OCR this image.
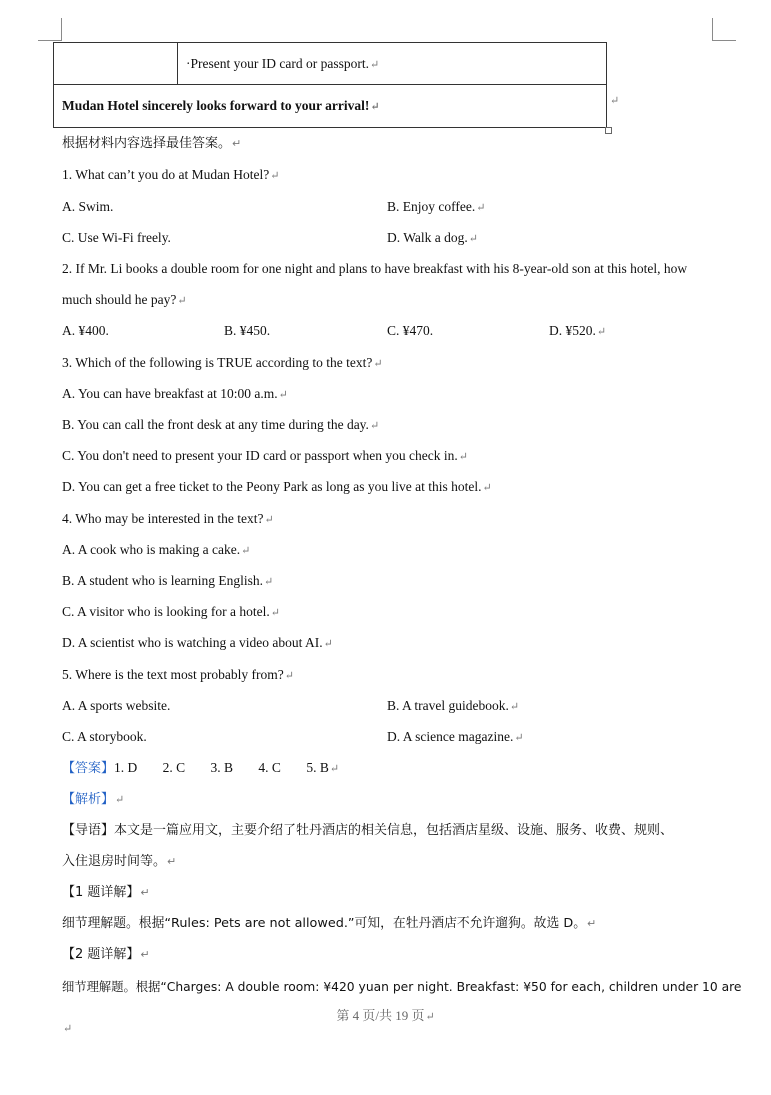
	·Present your ID card or passport.↵
Mudan Hotel sincerely looks forward to your arrival!↵	↵
根据材料内容选择最佳答案。↵
1. What can’t you do at Mudan Hotel?↵
A. Swim.	B. Enjoy coffee.↵
C. Use Wi-Fi freely.	D. Walk a dog.↵
2. If Mr. Li books a double room for one night and plans to have breakfast with his 8-year-old son at this hotel, how
much should he pay?↵
A. ¥400.	B. ¥450.	C. ¥470.	D. ¥520.↵
3. Which of the following is TRUE according to the text?↵
A. You can have breakfast at 10:00 a.m.↵
B. You can call the front desk at any time during the day.↵
C. You don't need to present your ID card or passport when you check in.↵
D. You can get a free ticket to the Peony Park as long as you live at this hotel.↵
4. Who may be interested in the text?↵
A. A cook who is making a cake.↵
B. A student who is learning English.↵
C. A visitor who is looking for a hotel.↵
D. A scientist who is watching a video about AI.↵
5. Where is the text most probably from?↵
A. A sports website.	B. A travel guidebook.↵
C. A storybook.	D. A science magazine.↵
【答案】1. D 2. C 3. B 4. C 5. B↵
【解析】↵
【导语】本文是一篇应用文，主要介绍了牡丹酒店的相关信息，包括酒店星级、设施、服务、收费、规则、
入住退房时间等。↵
【1 题详解】↵
细节理解题。根据“Rules: Pets are not allowed.”可知，在牡丹酒店不允许遛狗。故选 D。↵
【2 题详解】↵
细节理解题。根据“Charges: A double room: ¥420 yuan per night. Breakfast: ¥50 for each, children under 10 are
第 4 页/共 19 页↵
↵
